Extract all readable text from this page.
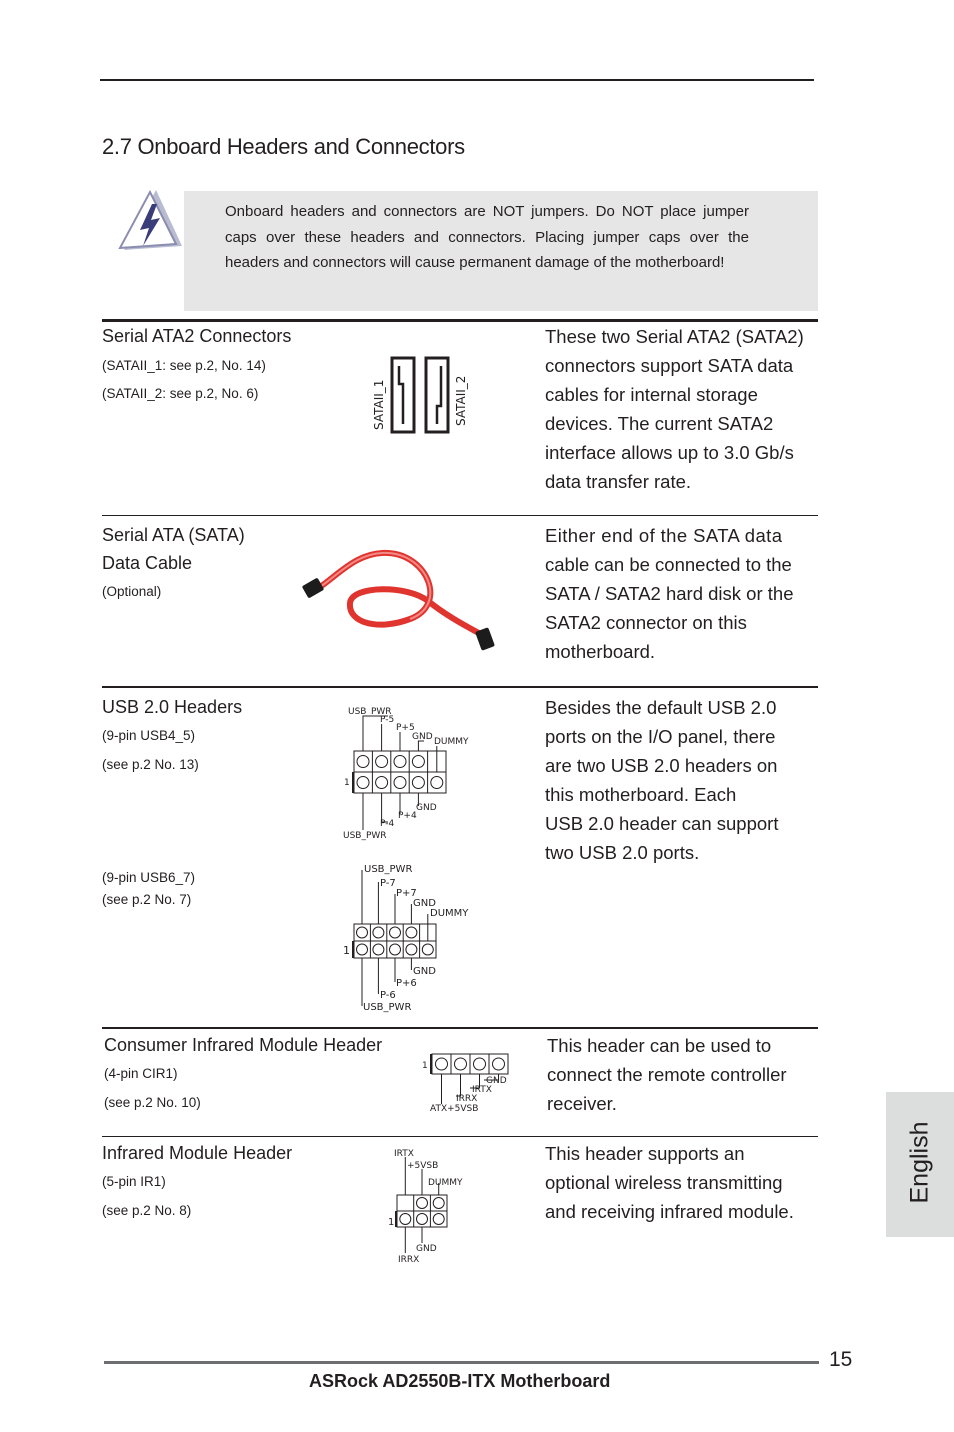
2.7 Onboard Headers and Connectors
Onboard headers and connectors are NOT jumpers. Do NOT place jumper caps over these headers and connectors. Placing jumper caps over the headers and connectors will cause permanent damage of the motherboard!
Serial ATA2 Connectors
(SATAII_1: see p.2, No. 14)
(SATAII_2: see p.2, No. 6)	SATAII_1	SATAII_2
These two Serial ATA2 (SATA2)
connectors support SATA data
cables for internal storage
devices. The current SATA2
interface allows up to 3.0 Gb/s
data transfer rate.
Serial ATA (SATA)
Data Cable
(Optional)
Either end of the SATA data
cable can be connected to the
SATA / SATA2 hard disk or the
SATA2 connector on this
motherboard.
USB 2.0 Headers
(9-pin USB4_5)
(see p.2 No. 13)
(9-pin USB6_7)
(see p.2 No. 7)
USB_PWR
P-5
P+5
GND DUMMY
GND
P+4
P-4
USB_PWR
1
USB_PWR
P-7
P+7
GND
DUMMY
GND
P+6
P-6
USB_PWR
1
Besides the default USB 2.0
ports on the I/O panel, there
are two USB 2.0 headers on
this motherboard. Each
USB 2.0 header can support
two USB 2.0 ports.
Consumer Infrared Module Header
(4-pin CIR1)
(see p.2 No. 10)
1
GND
IRTX
IRRX
ATX+5VSB
This header can be used to
connect the remote controller
receiver.
Infrared Module Header
(5-pin IR1)
(see p.2 No. 8)
1
IRTX
+5VSB
DUMMY
GND
IRRX
This header supports an
optional wireless transmitting
and receiving infrared module.
English
15
ASRock AD2550B-ITX Motherboard
